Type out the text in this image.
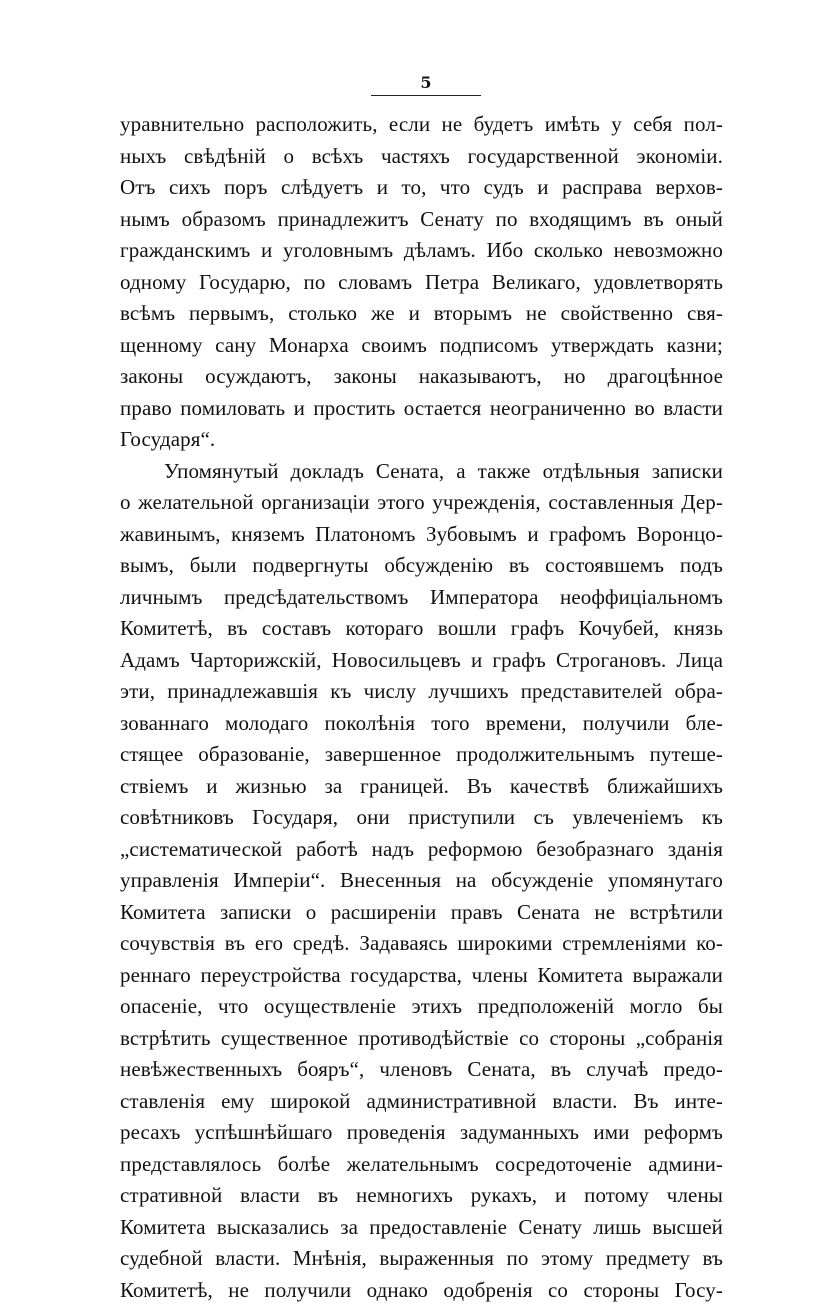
5
уравнительно расположить, если не будетъ имѣть у себя пол-
ныхъ свѣдѣній о всѣхъ частяхъ государственной экономіи.
Отъ сихъ поръ слѣдуетъ и то, что судъ и расправа верхов-
нымъ образомъ принадлежитъ Сенату по входящимъ въ оный
гражданскимъ и уголовнымъ дѣламъ. Ибо сколько невозможно
одному Государю, по словамъ Петра Великаго, удовлетворять
всѣмъ первымъ, столько же и вторымъ не свойственно свя-
щенному сану Монарха своимъ подписомъ утверждать казни;
законы осуждаютъ, законы наказываютъ, но драгоцѣнное
право помиловать и простить остается неограниченно во власти
Государя“.
Упомянутый докладъ Сената, а также отдѣльныя записки
о желательной организаціи этого учрежденія, составленныя Дер-
жавинымъ, княземъ Платономъ Зубовымъ и графомъ Воронцо-
вымъ, были подвергнуты обсужденію въ состоявшемъ подъ
личнымъ предсѣдательствомъ Императора неоффиціальномъ
Комитетѣ, въ составъ котораго вошли графъ Кочубей, князь
Адамъ Чарторижскій, Новосильцевъ и графъ Строгановъ. Лица
эти, принадлежавшія къ числу лучшихъ представителей обра-
зованнаго молодаго поколѣнія того времени, получили бле-
стящее образованіе, завершенное продолжительнымъ путеше-
ствіемъ и жизнью за границей. Въ качествѣ ближайшихъ
совѣтниковъ Государя, они приступили съ увлеченіемъ къ
„систематической работѣ надъ реформою безобразнаго зданія
управленія Имперіи“. Внесенныя на обсужденіе упомянутаго
Комитета записки о расширеніи правъ Сената не встрѣтили
сочувствія въ его средѣ. Задаваясь широкими стремленіями ко-
реннаго переустройства государства, члены Комитета выражали
опасеніе, что осуществленіе этихъ предположеній могло бы
встрѣтить существенное противодѣйствіе со стороны „собранія
невѣжественныхъ бояръ“, членовъ Сената, въ случаѣ предо-
ставленія ему широкой административной власти. Въ инте-
ресахъ успѣшнѣйшаго проведенія задуманныхъ ими реформъ
представлялось болѣе желательнымъ сосредоточеніе админи-
стративной власти въ немногихъ рукахъ, и потому члены
Комитета высказались за предоставленіе Сенату лишь высшей
судебной власти. Мнѣнія, выраженныя по этому предмету въ
Комитетѣ, не получили однако одобренія со стороны Госу-
